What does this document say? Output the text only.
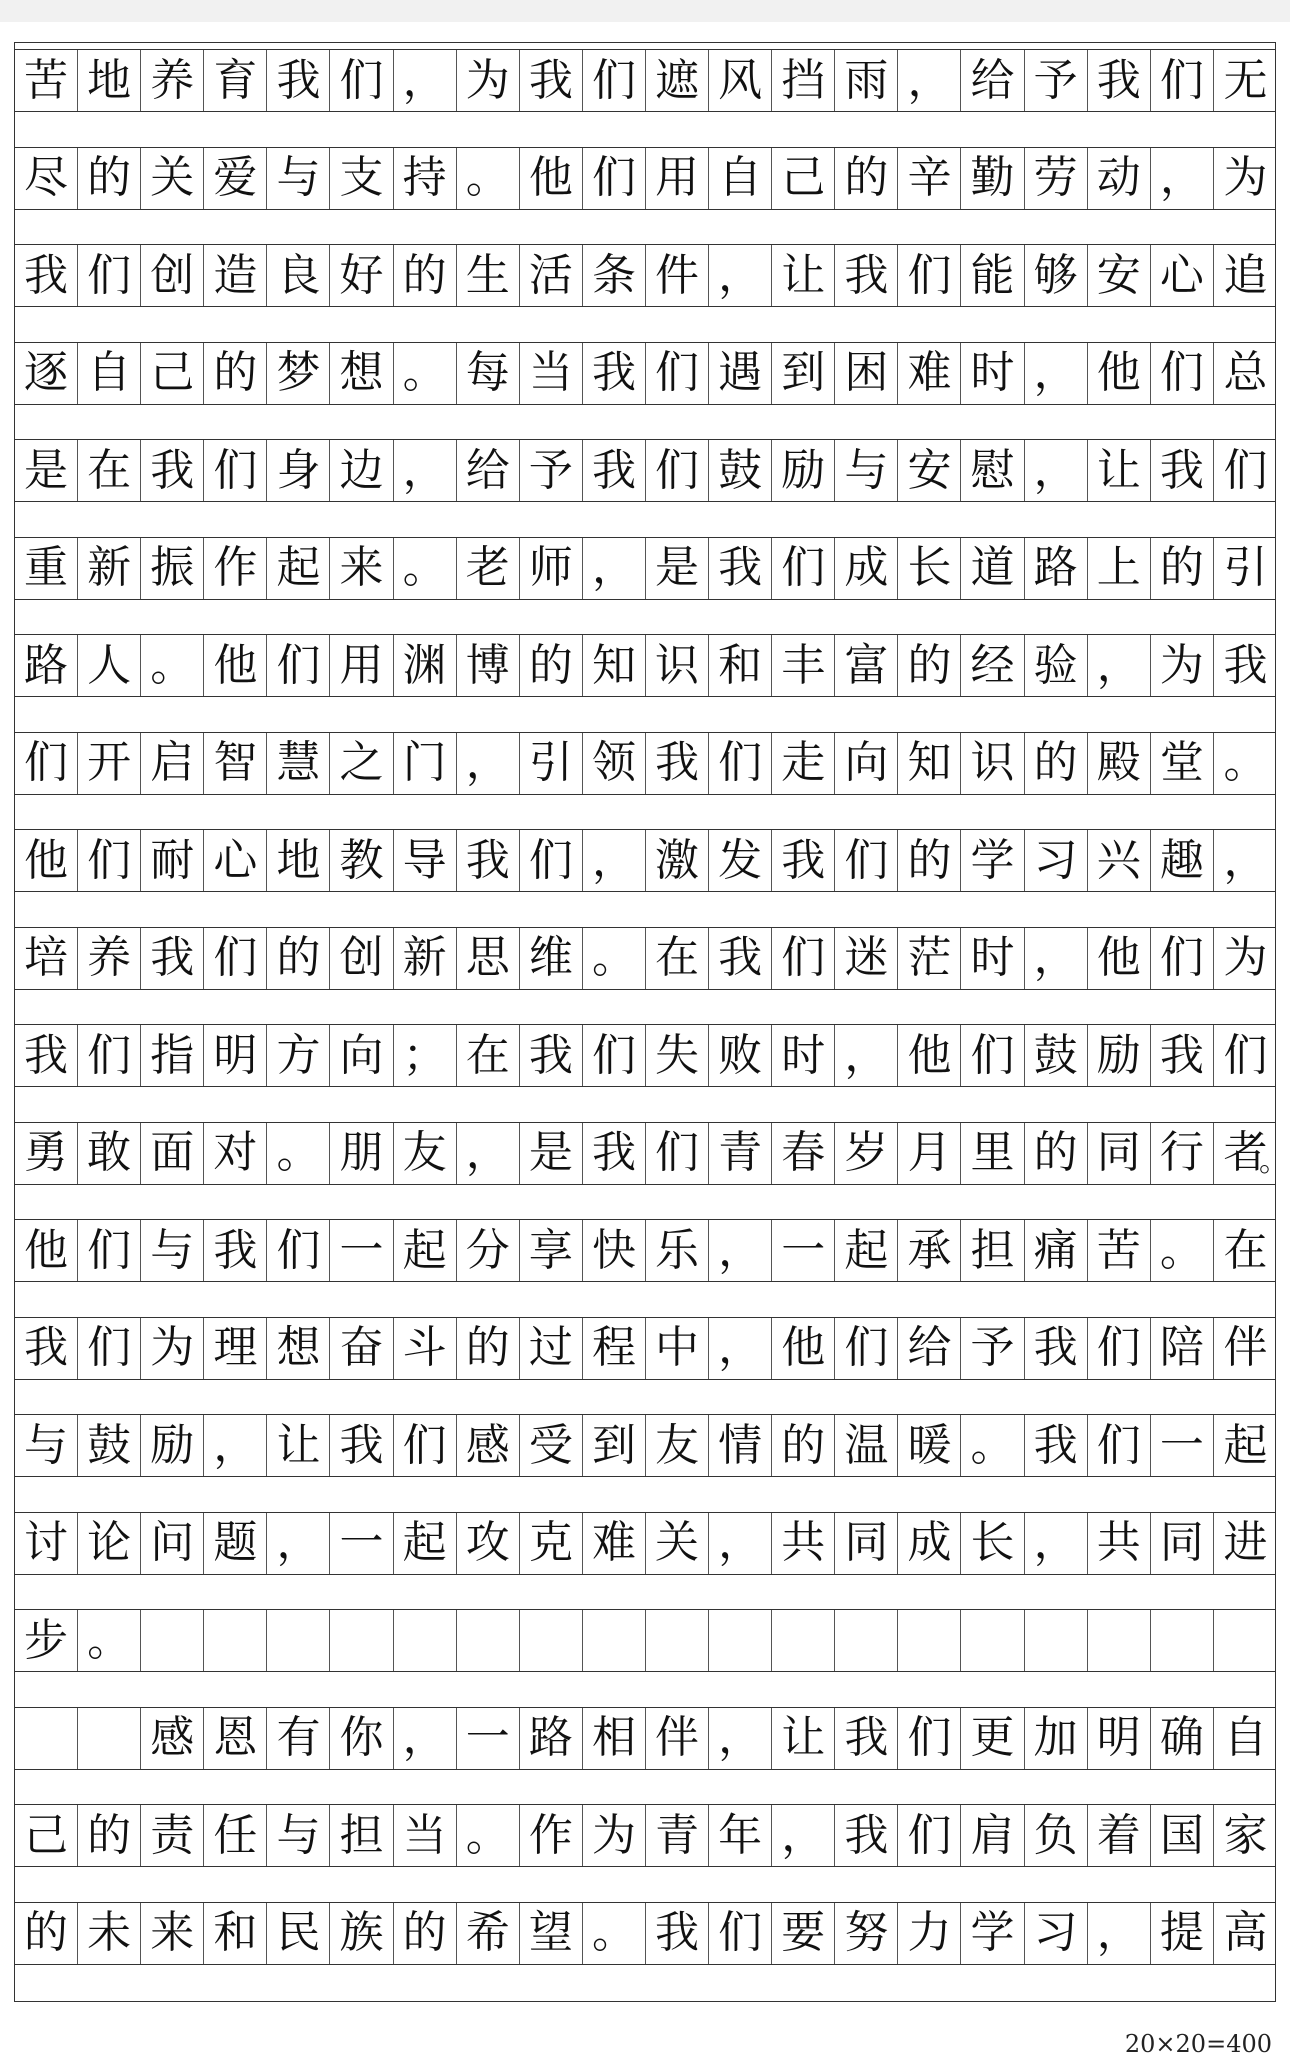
苦 地 养 育 我 们 ， 为 我 们 遮 风 挡 雨 ， 给 予 我 们 无
尽 的 关 爱 与 支 持 。 他 们 用 自 己 的 辛 勤 劳 动 ， 为
我 们 创 造 良 好 的 生 活 条 件 ， 让 我 们 能 够 安 心 追
逐 自 己 的 梦 想 。 每 当 我 们 遇 到 困 难 时 ， 他 们 总
是 在 我 们 身 边 ， 给 予 我 们 鼓 励 与 安 慰 ， 让 我 们
重 新 振 作 起 来 。 老 师 ， 是 我 们 成 长 道 路 上 的 引
路 人 。 他 们 用 渊 博 的 知 识 和 丰 富 的 经 验 ， 为 我
们 开 启 智 慧 之 门 ， 引 领 我 们 走 向 知 识 的 殿 堂 。
他 们 耐 心 地 教 导 我 们 ， 激 发 我 们 的 学 习 兴 趣 ，
培 养 我 们 的 创 新 思 维 。 在 我 们 迷 茫 时 ， 他 们 为
我 们 指 明 方 向 ； 在 我 们 失 败 时 ， 他 们 鼓 励 我 们
勇 敢 面 对 。 朋 友 ， 是 我 们 青 春 岁 月 里 的 同 行 者
。
他 们 与 我 们 一 起 分 享 快 乐 ， 一 起 承 担 痛 苦 。 在
我 们 为 理 想 奋 斗 的 过 程 中 ， 他 们 给 予 我 们 陪 伴
与 鼓 励 ， 让 我 们 感 受 到 友 情 的 温 暖 。 我 们 一 起
讨 论 问 题 ， 一 起 攻 克 难 关 ， 共 同 成 长 ， 共 同 进
步 。
感 恩 有 你 ， 一 路 相 伴 ， 让 我 们 更 加 明 确 自
己 的 责 任 与 担 当 。 作 为 青 年 ， 我 们 肩 负 着 国 家
的 未 来 和 民 族 的 希 望 。 我 们 要 努 力 学 习 ， 提 高
20×20=400
